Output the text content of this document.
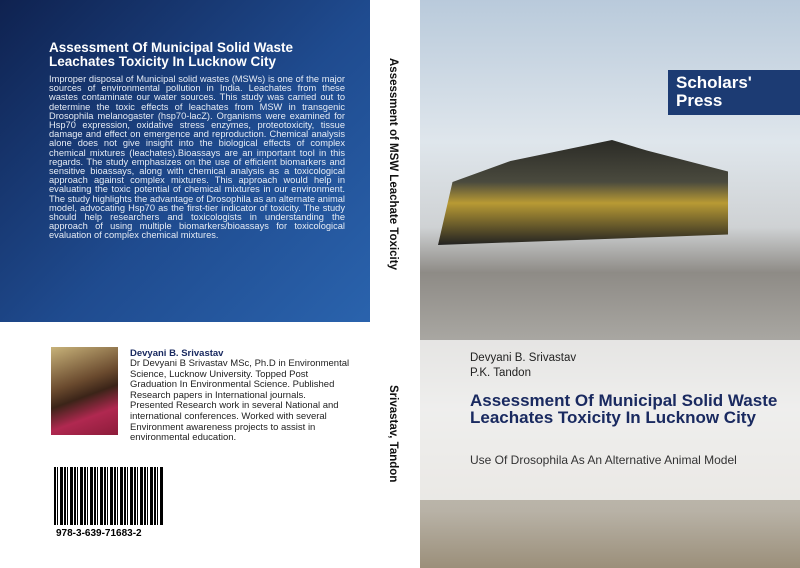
Assessment Of Municipal Solid Waste Leachates Toxicity In Lucknow City
Improper disposal of Municipal solid wastes (MSWs) is one of the major sources of environmental pollution in India. Leachates from these wastes contaminate our water sources. This study was carried out to determine the toxic effects of leachates from MSW in transgenic Drosophila melanogaster (hsp70-lacZ). Organisms were examined for Hsp70 expression, oxidative stress enzymes, proteotoxicity, tissue damage and effect on emergence and reproduction. Chemical analysis alone does not give insight into the biological effects of complex chemical mixtures (leachates).Bioassays are an important tool in this regards. The study emphasizes on the use of efficient biomarkers and sensitive bioassays, along with chemical analysis as a toxicological approach against complex mixtures. This approach would help in evaluating the toxic potential of chemical mixtures in our environment. The study highlights the advantage of Drosophila as an alternate animal model, advocating Hsp70 as the first-tier indicator of toxicity. The study should help researchers and toxicologists in understanding the approach of using multiple biomarkers/bioassays for toxicological evaluation of complex chemical mixtures.
Devyani B. Srivastav
Dr Devyani B Srivastav MSc, Ph.D in Environmental Science, Lucknow University. Topped Post Graduation In Environmental Science. Published Research papers in International journals. Presented Research work in several National and international conferences. Worked with several Environment awareness projects to assist in environmental education.
978-3-639-71683-2
Assessment of MSW Leachate Toxicity
Srivastav, Tandon
Scholars' Press
Devyani B. Srivastav
P.K. Tandon
Assessment Of Municipal Solid Waste Leachates Toxicity In Lucknow City
Use Of Drosophila As An Alternative Animal Model
